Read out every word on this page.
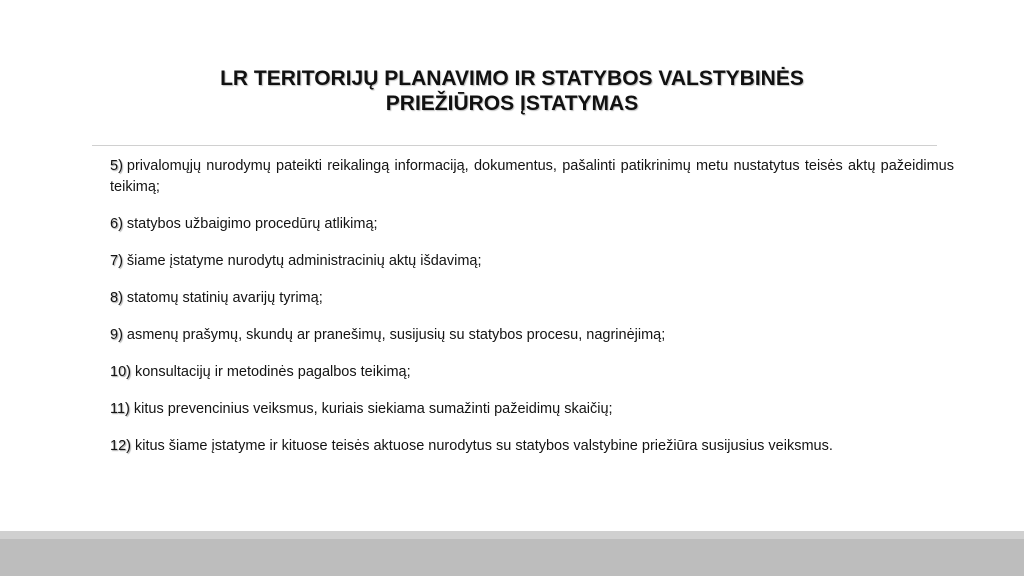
LR TERITORIJŲ PLANAVIMO IR STATYBOS VALSTYBINĖS
PRIEŽIŪROS ĮSTATYMAS
5) privalomųjų nurodymų pateikti reikalingą informaciją, dokumentus, pašalinti patikrinimų metu nustatytus teisės aktų pažeidimus teikimą;
6) statybos užbaigimo procedūrų atlikimą;
7) šiame įstatyme nurodytų administracinių aktų išdavimą;
8) statomų statinių avarijų tyrimą;
9) asmenų prašymų, skundų ar pranešimų, susijusių su statybos procesu, nagrinėjimą;
10) konsultacijų ir metodinės pagalbos teikimą;
11) kitus prevencinius veiksmus, kuriais siekiama sumažinti pažeidimų skaičių;
12) kitus šiame įstatyme ir kituose teisės aktuose nurodytus su statybos valstybine priežiūra susijusius veiksmus.
